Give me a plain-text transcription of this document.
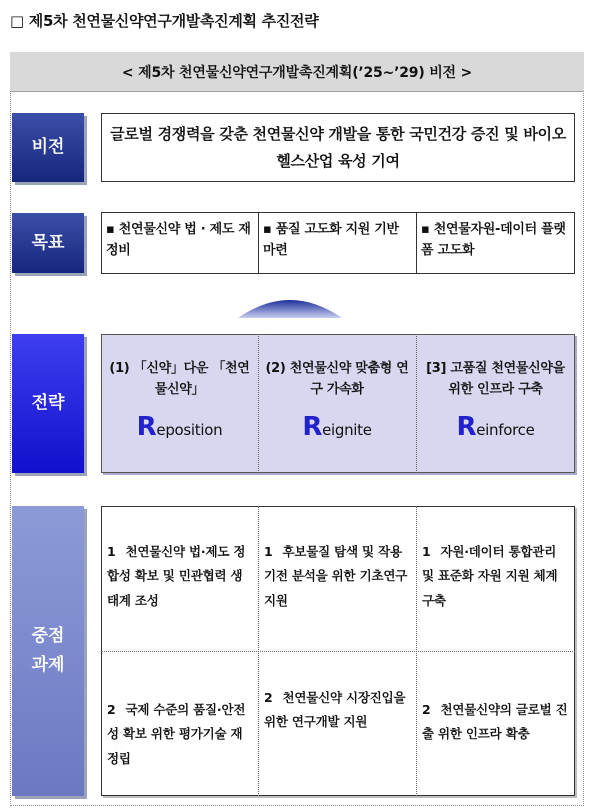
□ 제5차 천연물신약연구개발촉진계획 추진전략
< 제5차 천연물신약연구개발촉진계획(’25~’29) 비전 >
비전
목표
전략
중점
과제
글로벌 경쟁력을 갖춘 천연물신약 개발을 통한 국민건강 증진 및 바이오헬스산업 육성 기여
▪ 천연물신약 법 · 제도 재정비
▪ 품질 고도화 지원 기반 마련
▪ 천연물자원-데이터 플랫폼 고도화
(1) 「신약」다운 「천연물신약」
Reposition
(2) 천연물신약 맞춤형 연구 가속화
Reignite
[3] 고품질 천연물신약을 위한 인프라 구축
Reinforce
1 천연물신약 법·제도 정합성 확보 및 민관협력 생태계 조성
1 후보물질 탐색 및 작용기전 분석을 위한 기초연구 지원
1 자원·데이터 통합관리 및 표준화 자원 지원 체계 구축
2 국제 수준의 품질·안전성 확보 위한 평가기술 재정립
2 천연물신약 시장진입을 위한 연구개발 지원
2 천연물신약의 글로벌 진출 위한 인프라 확충
